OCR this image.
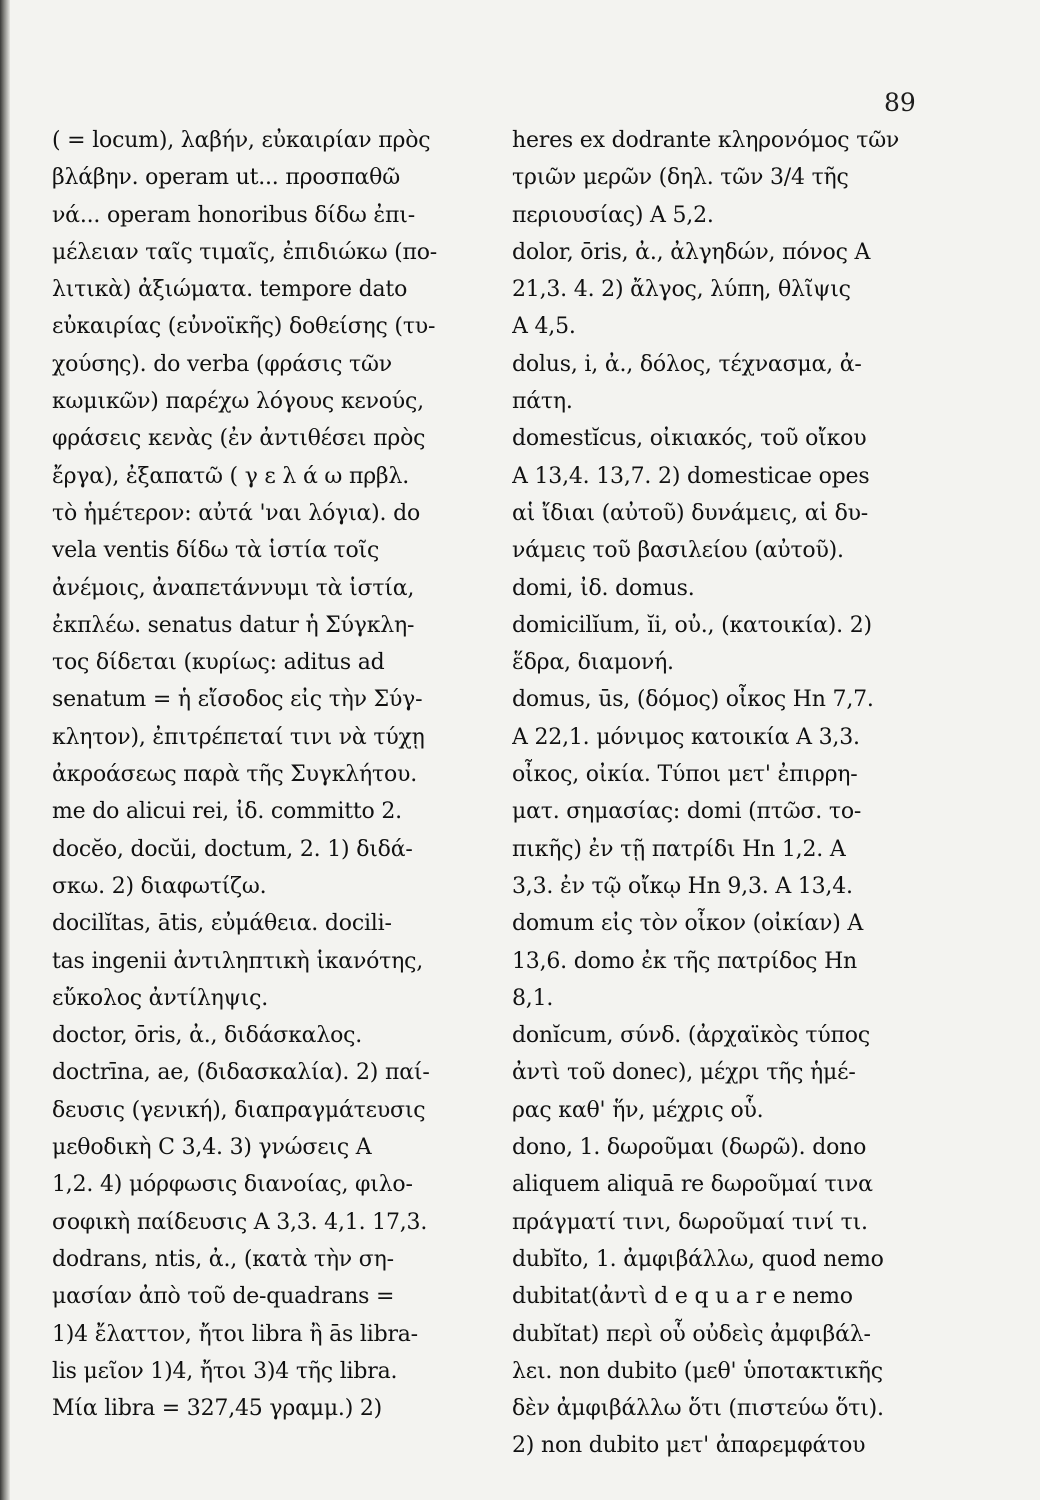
89
( = locum), λαβήν, εὐκαιρίαν πρὸς
βλάβην. operam ut... προσπαθῶ
νά... operam honoribus δίδω ἐπι-
μέλειαν ταῖς τιμαῖς, ἐπιδιώκω (πο-
λιτικὰ) ἀξιώματα. tempore dato
εὐκαιρίας (εὐνοϊκῆς) δοθείσης (τυ-
χούσης). do verba (φράσις τῶν
κωμικῶν) παρέχω λόγους κενούς,
φράσεις κενὰς (ἐν ἀντιθέσει πρὸς
ἔργα), ἐξαπατῶ ( γ ε λ ά ω πρβλ.
τὸ ἡμέτερον: αὐτά 'ναι λόγια). do
vela ventis δίδω τὰ ἱστία τοῖς
ἀνέμοις, ἀναπετάννυμι τὰ ἱστία,
ἐκπλέω. senatus datur ἡ Σύγκλη-
τος δίδεται (κυρίως: aditus ad
senatum = ἡ εἴσοδος εἰς τὴν Σύγ-
κλητον), ἐπιτρέπεταί τινι νὰ τύχῃ
ἀκροάσεως παρὰ τῆς Συγκλήτου.
me do alicui rei, ἰδ. committo 2.
docĕo, docŭi, doctum, 2. 1) διδά-
σκω. 2) διαφωτίζω.
docilĭtas, ātis, εὐμάθεια. docili-
tas ingenii ἀντιληπτικὴ ἱκανότης,
εὔκολος ἀντίληψις.
doctor, ōris, ἀ., διδάσκαλος.
doctrīna, ae, (διδασκαλία). 2) παί-
δευσις (γενική), διαπραγμάτευσις
μεθοδικὴ C 3,4. 3) γνώσεις A
1,2. 4) μόρφωσις διανοίας, φιλο-
σοφικὴ παίδευσις A 3,3. 4,1. 17,3.
dodrans, ntis, ἀ., (κατὰ τὴν ση-
μασίαν ἀπὸ τοῦ de-quadrans =
1)4 ἔλαττον, ἤτοι libra ἢ ās libra-
lis μεῖον 1)4, ἤτοι 3)4 τῆς libra.
Μία libra = 327,45 γραμμ.) 2)
heres ex dodrante κληρονόμος τῶν
τριῶν μερῶν (δηλ. τῶν 3/4 τῆς
περιουσίας) A 5,2.
dolor, ōris, ἀ., ἀλγηδών, πόνος A
21,3. 4. 2) ἄλγος, λύπη, θλῖψις
A 4,5.
dolus, i, ἀ., δόλος, τέχνασμα, ἀ-
πάτη.
domestĭcus, οἰκιακός, τοῦ οἴκου
A 13,4. 13,7. 2) domesticae opes
αἱ ἴδιαι (αὐτοῦ) δυνάμεις, αἱ δυ-
νάμεις τοῦ βασιλείου (αὐτοῦ).
domi, ἰδ. domus.
domicilĭum, ĭi, οὐ., (κατοικία). 2)
ἕδρα, διαμονή.
domus, ūs, (δόμος) οἶκος Hn 7,7.
A 22,1. μόνιμος κατοικία A 3,3.
οἶκος, οἰκία. Τύποι μετ' ἐπιρρη-
ματ. σημασίας: domi (πτῶσ. το-
πικῆς) ἐν τῇ πατρίδι Hn 1,2. A
3,3. ἐν τῷ οἴκῳ Hn 9,3. A 13,4.
domum εἰς τὸν οἶκον (οἰκίαν) A
13,6. domo ἐκ τῆς πατρίδος Hn
8,1.
donĭcum, σύνδ. (ἀρχαϊκὸς τύπος
ἀντὶ τοῦ donec), μέχρι τῆς ἡμέ-
ρας καθ' ἥν, μέχρις οὗ.
dono, 1. δωροῦμαι (δωρῶ). dono
aliquem aliquā re δωροῦμαί τινα
πράγματί τινι, δωροῦμαί τινί τι.
dubĭto, 1. ἀμφιβάλλω, quod nemo
dubitat(ἀντὶ d e q u a r e nemo
dubĭtat) περὶ οὗ οὐδεὶς ἀμφιβάλ-
λει. non dubito (μεθ' ὑποτακτικῆς
δὲν ἀμφιβάλλω ὅτι (πιστεύω ὅτι).
2) non dubito μετ' ἀπαρεμφάτου
